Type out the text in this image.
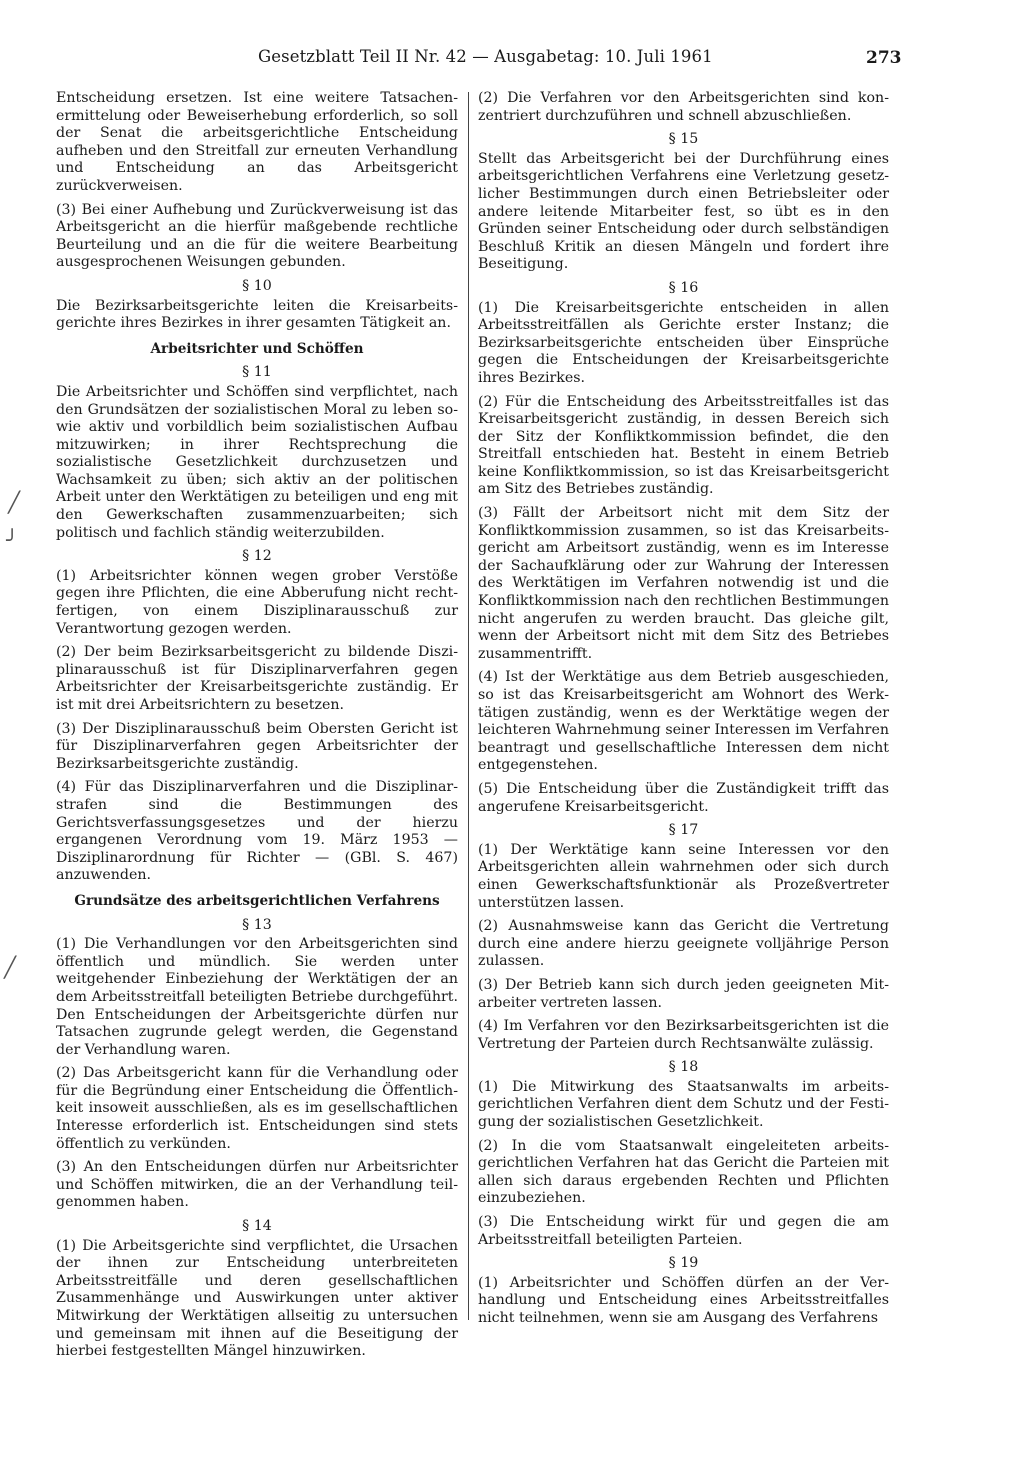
Gesetzblatt Teil II Nr. 42 — Ausgabetag: 10. Juli 1961	273

Entscheidung ersetzen. Ist eine weitere Tatsachenermittelung oder Beweiserhebung erforderlich, so soll der Senat die arbeitsgerichtliche Entscheidung aufheben und den Streitfall zur erneuten Verhandlung und Entscheidung an das Arbeitsgericht zurückverweisen.

(3) Bei einer Aufhebung und Zurückverweisung ist das Arbeitsgericht an die hierfür maßgebende rechtliche Beurteilung und an die für die weitere Bearbeitung ausgesprochenen Weisungen gebunden.

§ 10

Die Bezirksarbeitsgerichte leiten die Kreisarbeitsgerichte ihres Bezirkes in ihrer gesamten Tätigkeit an.

Arbeitsrichter und Schöffen
§ 11

Die Arbeitsrichter und Schöffen sind verpflichtet, nach den Grundsätzen der sozialistischen Moral zu leben sowie aktiv und vorbildlich beim sozialistischen Aufbau mitzuwirken; in ihrer Rechtsprechung die sozialistische Gesetzlichkeit durchzusetzen und Wachsamkeit zu üben; sich aktiv an der politischen Arbeit unter den Werktätigen zu beteiligen und eng mit den Gewerkschaften zusammenzuarbeiten; sich politisch und fachlich ständig weiterzubilden.

§ 12

(1) Arbeitsrichter können wegen grober Verstöße gegen ihre Pflichten, die eine Abberufung nicht rechtfertigen, von einem Disziplinarausschuß zur Verantwortung gezogen werden.

(2) Der beim Bezirksarbeitsgericht zu bildende Disziplinarausschuß ist für Disziplinarverfahren gegen Arbeitsrichter der Kreisarbeitsgerichte zuständig. Er ist mit drei Arbeitsrichtern zu besetzen.

(3) Der Disziplinarausschuß beim Obersten Gericht ist für Disziplinarverfahren gegen Arbeitsrichter der Bezirksarbeitsgerichte zuständig.

(4) Für das Disziplinarverfahren und die Disziplinarstrafen sind die Bestimmungen des Gerichtsverfassungsgesetzes und der hierzu ergangenen Verordnung vom 19. März 1953 — Disziplinarordnung für Richter — (GBl. S. 467) anzuwenden.

Grundsätze des arbeitsgerichtlichen Verfahrens
§ 13

(1) Die Verhandlungen vor den Arbeitsgerichten sind öffentlich und mündlich. Sie werden unter weitgehender Einbeziehung der Werktätigen der an dem Arbeitsstreitfall beteiligten Betriebe durchgeführt. Den Entscheidungen der Arbeitsgerichte dürfen nur Tatsachen zugrunde gelegt werden, die Gegenstand der Verhandlung waren.

(2) Das Arbeitsgericht kann für die Verhandlung oder für die Begründung einer Entscheidung die Öffentlichkeit insoweit ausschließen, als es im gesellschaftlichen Interesse erforderlich ist. Entscheidungen sind stets öffentlich zu verkünden.

(3) An den Entscheidungen dürfen nur Arbeitsrichter und Schöffen mitwirken, die an der Verhandlung teilgenommen haben.

§ 14

(1) Die Arbeitsgerichte sind verpflichtet, die Ursachen der ihnen zur Entscheidung unterbreiteten Arbeitsstreitfälle und deren gesellschaftlichen Zusammenhänge und Auswirkungen unter aktiver Mitwirkung der Werktätigen allseitig zu untersuchen und gemeinsam mit ihnen auf die Beseitigung der hierbei festgestellten Mängel hinzuwirken.

(2) Die Verfahren vor den Arbeitsgerichten sind konzentriert durchzuführen und schnell abzuschließen.

§ 15

Stellt das Arbeitsgericht bei der Durchführung eines arbeitsgerichtlichen Verfahrens eine Verletzung gesetzlicher Bestimmungen durch einen Betriebsleiter oder andere leitende Mitarbeiter fest, so übt es in den Gründen seiner Entscheidung oder durch selbständigen Beschluß Kritik an diesen Mängeln und fordert ihre Beseitigung.

§ 16

(1) Die Kreisarbeitsgerichte entscheiden in allen Arbeitsstreitfällen als Gerichte erster Instanz; die Bezirksarbeitsgerichte entscheiden über Einsprüche gegen die Entscheidungen der Kreisarbeitsgerichte ihres Bezirkes.

(2) Für die Entscheidung des Arbeitsstreitfalles ist das Kreisarbeitsgericht zuständig, in dessen Bereich sich der Sitz der Konfliktkommission befindet, die den Streitfall entschieden hat. Besteht in einem Betrieb keine Konfliktkommission, so ist das Kreisarbeitsgericht am Sitz des Betriebes zuständig.

(3) Fällt der Arbeitsort nicht mit dem Sitz der Konfliktkommission zusammen, so ist das Kreisarbeitsgericht am Arbeitsort zuständig, wenn es im Interesse der Sachaufklärung oder zur Wahrung der Interessen des Werktätigen im Verfahren notwendig ist und die Konfliktkommission nach den rechtlichen Bestimmungen nicht angerufen zu werden braucht. Das gleiche gilt, wenn der Arbeitsort nicht mit dem Sitz des Betriebes zusammentrifft.

(4) Ist der Werktätige aus dem Betrieb ausgeschieden, so ist das Kreisarbeitsgericht am Wohnort des Werktätigen zuständig, wenn es der Werktätige wegen der leichteren Wahrnehmung seiner Interessen im Verfahren beantragt und gesellschaftliche Interessen dem nicht entgegenstehen.

(5) Die Entscheidung über die Zuständigkeit trifft das angerufene Kreisarbeitsgericht.

§ 17

(1) Der Werktätige kann seine Interessen vor den Arbeitsgerichten allein wahrnehmen oder sich durch einen Gewerkschaftsfunktionär als Prozeßvertreter unterstützen lassen.

(2) Ausnahmsweise kann das Gericht die Vertretung durch eine andere hierzu geeignete volljährige Person zulassen.

(3) Der Betrieb kann sich durch jeden geeigneten Mitarbeiter vertreten lassen.

(4) Im Verfahren vor den Bezirksarbeitsgerichten ist die Vertretung der Parteien durch Rechtsanwälte zulässig.

§ 18

(1) Die Mitwirkung des Staatsanwalts im arbeitsgerichtlichen Verfahren dient dem Schutz und der Festigung der sozialistischen Gesetzlichkeit.

(2) In die vom Staatsanwalt eingeleiteten arbeitsgerichtlichen Verfahren hat das Gericht die Parteien mit allen sich daraus ergebenden Rechten und Pflichten einzubeziehen.

(3) Die Entscheidung wirkt für und gegen die am Arbeitsstreitfall beteiligten Parteien.

§ 19

(1) Arbeitsrichter und Schöffen dürfen an der Verhandlung und Entscheidung eines Arbeitsstreitfalles nicht teilnehmen, wenn sie am Ausgang des Verfahrens

╱
╯
╱
